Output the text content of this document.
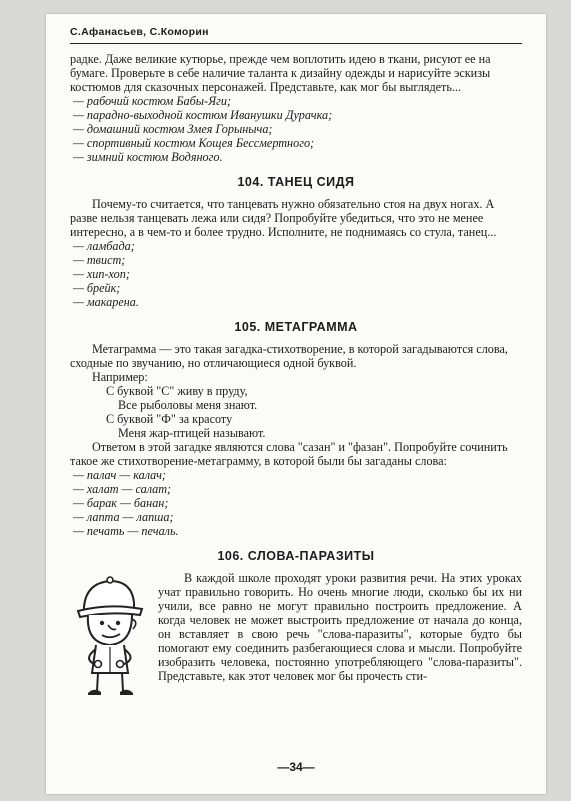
С.Афанасьев, С.Коморин

радке. Даже великие кутюрье, прежде чем воплотить идею в ткани, рисуют ее на бумаге. Проверьте в себе наличие таланта к дизайну одежды и нарисуйте эскизы костюмов для сказочных персонажей. Представьте, как мог бы выглядеть...

— рабочий костюм Бабы-Яги;
— парадно-выходной костюм Иванушки Дурачка;
— домашний костюм Змея Горыныча;
— спортивный костюм Кощея Бессмертного;
— зимний костюм Водяного.
104. ТАНЕЦ СИДЯ

Почему-то считается, что танцевать нужно обязательно стоя на двух ногах. А разве нельзя танцевать лежа или сидя? Попробуйте убедиться, что это не менее интересно, а в чем-то и более трудно. Исполните, не поднимаясь со стула, танец...

— ламбада;
— твист;
— хип-хоп;
— брейк;
— макарена.
105. МЕТАГРАММА

Метаграмма — это такая загадка-стихотворение, в которой загадываются слова, сходные по звучанию, но отличающиеся одной буквой.

Например:

С буквой "С" живу в пруду,
Все рыболовы меня знают.
С буквой "Ф" за красоту
Меня жар-птицей называют.

Ответом в этой загадке являются слова "сазан" и "фазан". Попробуйте сочинить такое же стихотворение-метаграмму, в которой были бы загаданы слова:

— палач — калач;
— халат — салат;
— барак — банан;
— лапта — лапша;
— печать — печаль.
106. СЛОВА-ПАРАЗИТЫ

В каждой школе проходят уроки развития речи. На этих уроках учат правильно говорить. Но очень многие люди, сколько бы их ни учили, все равно не могут правильно построить предложение. А когда человек не может выстроить предложение от начала до конца, он вставляет в свою речь "слова-паразиты", которые будто бы помогают ему соединить разбегающиеся слова и мысли. Попробуйте изобразить человека, постоянно употребляющего "слова-паразиты". Представьте, как этот человек мог бы прочесть сти-

—34—
